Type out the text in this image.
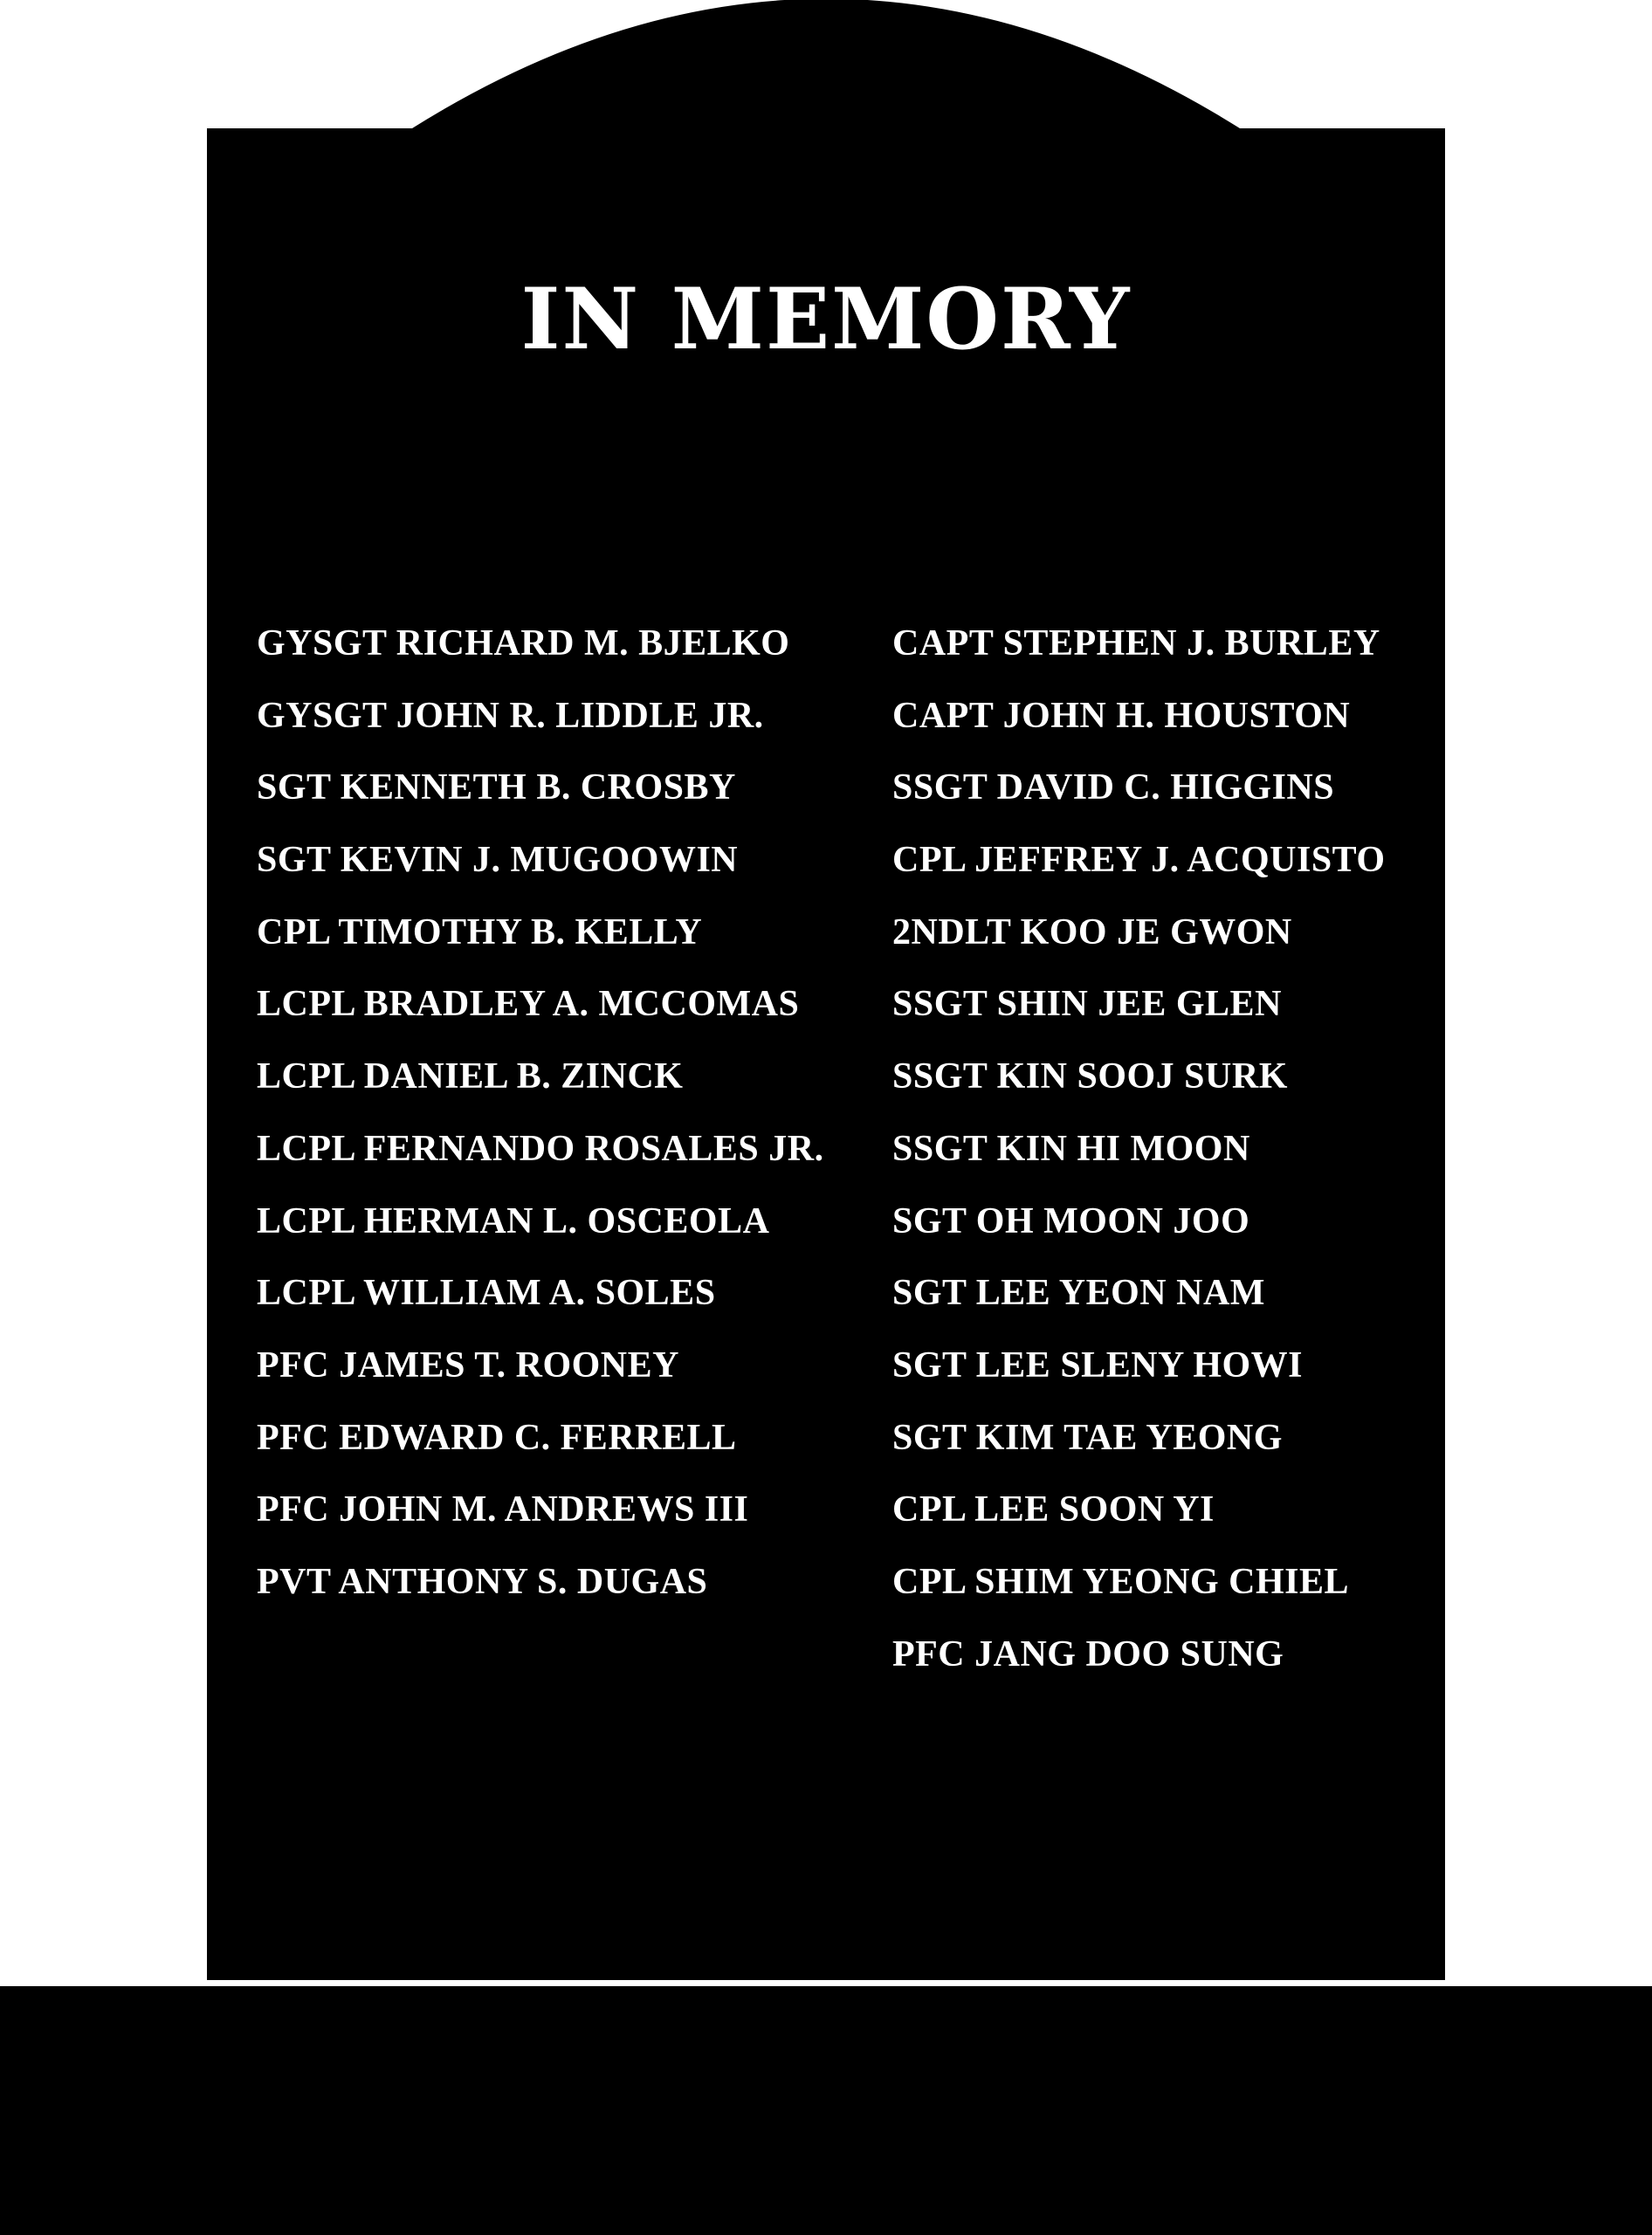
IN MEMORY
GYSGT RICHARD M. BJELKO
GYSGT JOHN R. LIDDLE JR.
SGT KENNETH B. CROSBY
SGT KEVIN J. MUGOOWIN
CPL TIMOTHY B. KELLY
LCPL BRADLEY A. MCCOMAS
LCPL DANIEL B. ZINCK
LCPL FERNANDO ROSALES JR.
LCPL HERMAN L. OSCEOLA
LCPL WILLIAM A. SOLES
PFC JAMES T. ROONEY
PFC EDWARD C. FERRELL
PFC JOHN M. ANDREWS III
PVT ANTHONY S. DUGAS
CAPT STEPHEN J. BURLEY
CAPT JOHN H. HOUSTON
SSGT DAVID C. HIGGINS
CPL JEFFREY J. ACQUISTO
2NDLT KOO JE GWON
SSGT SHIN JEE GLEN
SSGT KIN SOOJ SURK
SSGT KIN HI MOON
SGT OH MOON JOO
SGT LEE YEON NAM
SGT LEE SLENY HOWI
SGT KIM TAE YEONG
CPL LEE SOON YI
CPL SHIM YEONG CHIEL
PFC JANG DOO SUNG
